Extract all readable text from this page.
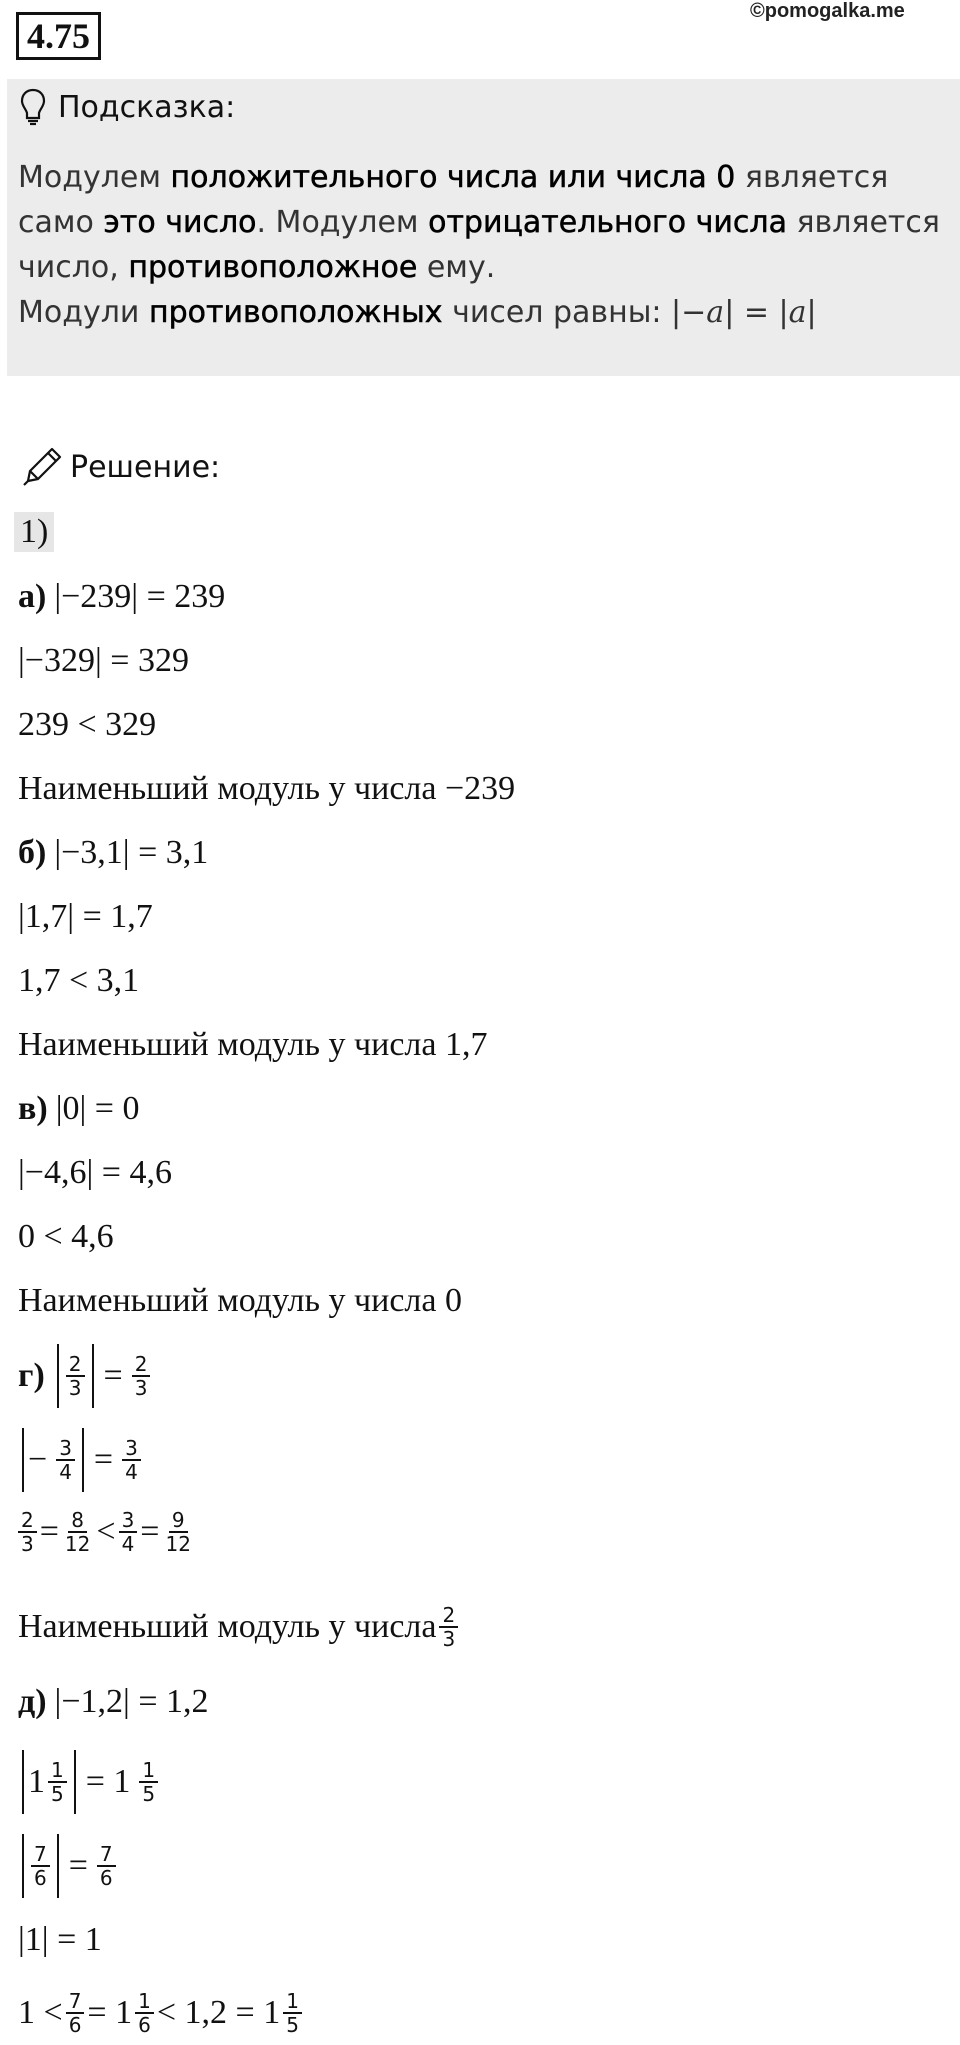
4.75
©pomogalka.me
Подсказка:
Модулем положительного числа или числа 0 является само это число. Модулем отрицательного числа является число, противоположное ему.
Модули противоположных чисел равны: |−a| = |a|
Решение:
1)
а) |−239| = 239
|−329| = 329
239 < 329
Наименьший модуль у числа −239
б) |−3,1| = 3,1
|1,7| = 1,7
1,7 < 3,1
Наименьший модуль у числа 1,7
в) |0| = 0
|−4,6| = 4,6
0 < 4,6
Наименьший модуль у числа 0
$г) \frac{2}{3} = \frac{2}{3}$
− $\frac{3}{4} = \frac{3}{4}$
$\frac{2}{3} = \frac{8}{12} < \frac{3}{4} = \frac{9}{12}$
Наименьший модуль у числа $\frac{2}{3}$
д) |−1,2| = 1,2
$1 \frac{1}{5} = 1 \frac{1}{5}$
$\frac{7}{6} = \frac{7}{6}$
|1| = 1
$1 < \frac{7}{6} = 1 \frac{1}{6} < 1,2 = 1 \frac{1}{5}$
